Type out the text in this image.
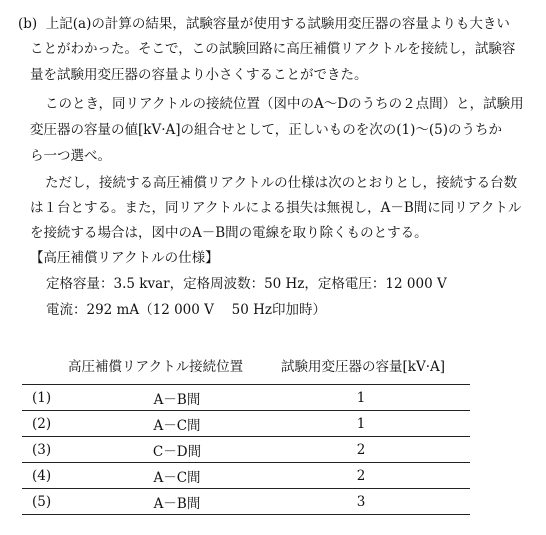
(b)  上記(a)の計算の結果，試験容量が使用する試験用変圧器の容量よりも大きい
ことがわかった。そこで，この試験回路に高圧補償リアクトルを接続し，試験容
量を試験用変圧器の容量より小さくすることができた。
このとき，同リアクトルの接続位置（図中のA～Dのうちの２点間）と，試験用
変圧器の容量の値[kV·A]の組合せとして，正しいものを次の(1)～(5)のうちか
ら一つ選べ。
ただし，接続する高圧補償リアクトルの仕様は次のとおりとし，接続する台数
は１台とする。また，同リアクトルによる損失は無視し，A－B間に同リアクトル
を接続する場合は，図中のA－B間の電線を取り除くものとする。
【高圧補償リアクトルの仕様】
定格容量：3.5 kvar，定格周波数：50 Hz，定格電圧：12 000 V
電流：292 mA（12 000 V　 50 Hz印加時）
高圧補償リアクトル接続位置	試験用変圧器の容量[kV·A]
(1)	A－B間	1
(2)	A－C間	1
(3)	C－D間	2
(4)	A－C間	2
(5)	A－B間	3
